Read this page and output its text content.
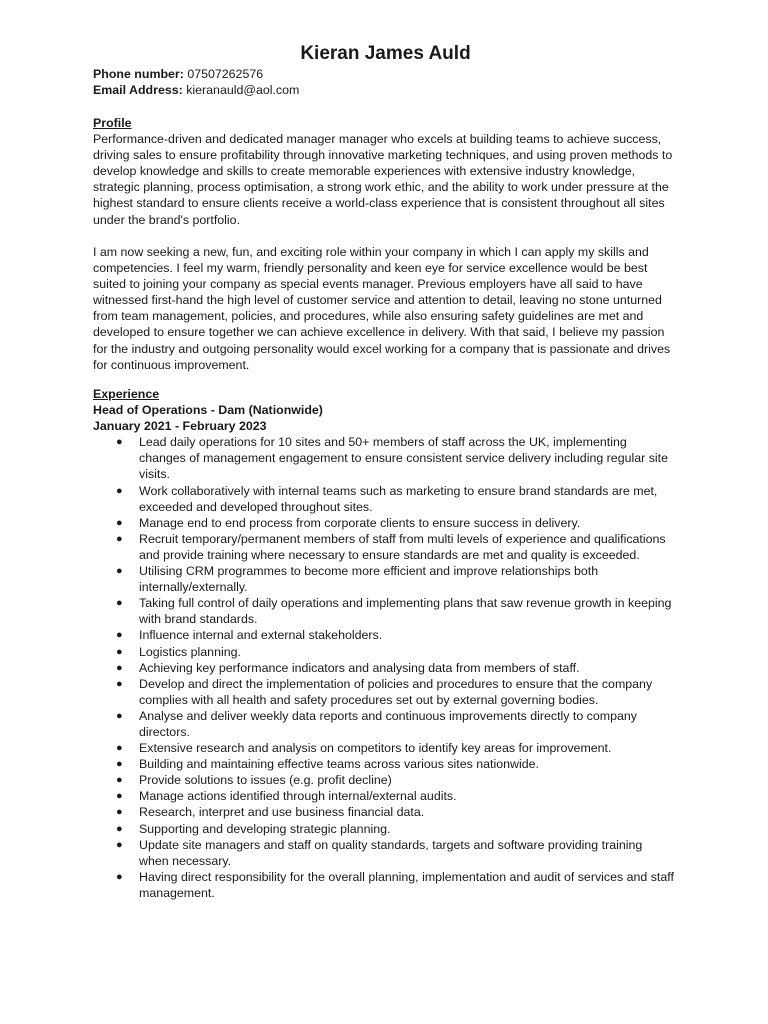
Kieran James Auld
Phone number: 07507262576
Email Address: kieranauld@aol.com
Profile

Performance-driven and dedicated manager manager who excels at building teams to achieve success, driving sales to ensure profitability through innovative marketing techniques, and using proven methods to develop knowledge and skills to create memorable experiences with extensive industry knowledge, strategic planning, process optimisation, a strong work ethic, and the ability to work under pressure at the highest standard to ensure clients receive a world-class experience that is consistent throughout all sites under the brand's portfolio.

I am now seeking a new, fun, and exciting role within your company in which I can apply my skills and competencies. I feel my warm, friendly personality and keen eye for service excellence would be best suited to joining your company as special events manager. Previous employers have all said to have witnessed first-hand the high level of customer service and attention to detail, leaving no stone unturned from team management, policies, and procedures, while also ensuring safety guidelines are met and developed to ensure together we can achieve excellence in delivery. With that said, I believe my passion for the industry and outgoing personality would excel working for a company that is passionate and drives for continuous improvement.

Experience
Head of Operations - Dam (Nationwide)
January 2021 - February 2023
● Lead daily operations for 10 sites and 50+ members of staff across the UK, implementing changes of management engagement to ensure consistent service delivery including regular site visits.
● Work collaboratively with internal teams such as marketing to ensure brand standards are met, exceeded and developed throughout sites.
● Manage end to end process from corporate clients to ensure success in delivery.
● Recruit temporary/permanent members of staff from multi levels of experience and qualifications and provide training where necessary to ensure standards are met and quality is exceeded.
● Utilising CRM programmes to become more efficient and improve relationships both internally/externally.
● Taking full control of daily operations and implementing plans that saw revenue growth in keeping with brand standards.
● Influence internal and external stakeholders.
● Logistics planning.
● Achieving key performance indicators and analysing data from members of staff.
● Develop and direct the implementation of policies and procedures to ensure that the company complies with all health and safety procedures set out by external governing bodies.
● Analyse and deliver weekly data reports and continuous improvements directly to company directors.
● Extensive research and analysis on competitors to identify key areas for improvement.
● Building and maintaining effective teams across various sites nationwide.
● Provide solutions to issues (e.g. profit decline)
● Manage actions identified through internal/external audits.
● Research, interpret and use business financial data.
● Supporting and developing strategic planning.
● Update site managers and staff on quality standards, targets and software providing training when necessary.
● Having direct responsibility for the overall planning, implementation and audit of services and staff management.
